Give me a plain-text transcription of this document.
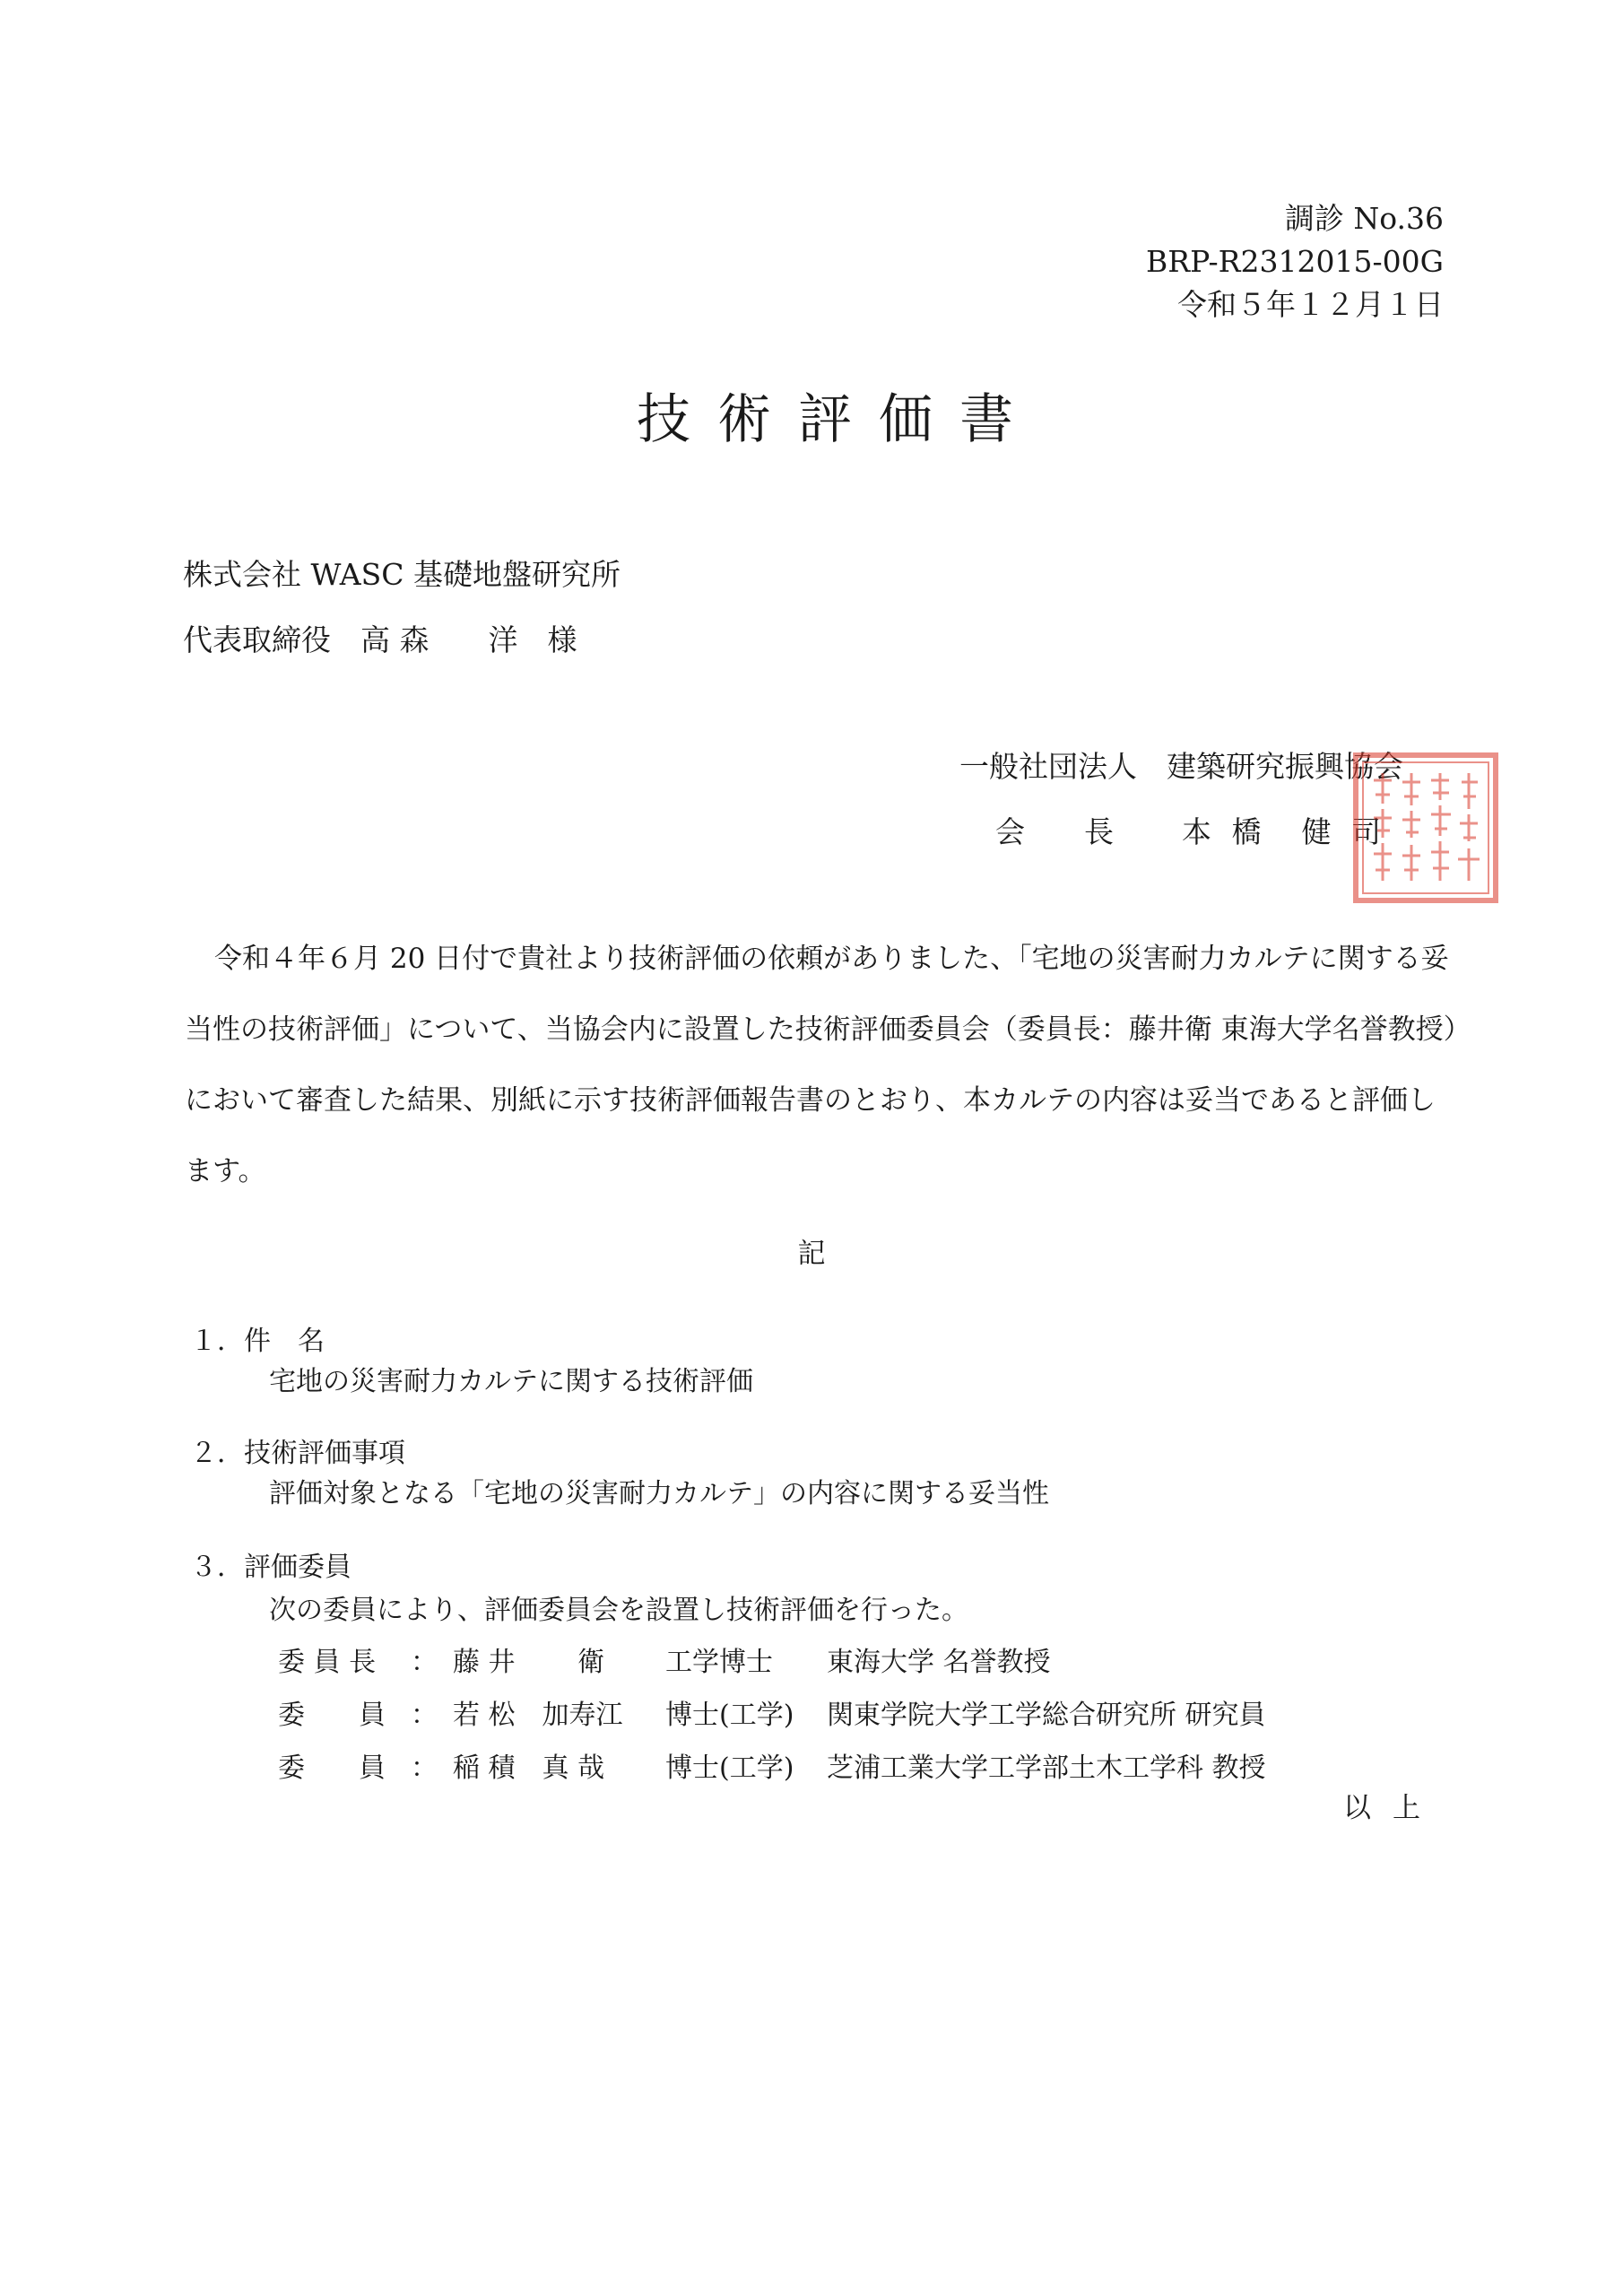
調診 No.36
BRP-R2312015-00G
令和５年１２月１日
技術評価書
株式会社 WASC 基礎地盤研究所
代表取締役　高 森　　洋　様
一般社団法人　建築研究振興協会
会　　長 本 橋　健 司

令和４年６月 20 日付で貴社より技術評価の依頼がありました、「宅地の災害耐力カルテに関する妥当性の技術評価」について、当協会内に設置した技術評価委員会（委員長：藤井衛 東海大学名誉教授）において審査した結果、別紙に示す技術評価報告書のとおり、本カルテの内容は妥当であると評価します。

記
１．件　名
宅地の災害耐力カルテに関する技術評価
２．技術評価事項
評価対象となる「宅地の災害耐力カルテ」の内容に関する妥当性
３．評価委員
次の委員により、評価委員会を設置し技術評価を行った。
委 員 長 ： 藤 井　　 衛 工学博士 東海大学 名誉教授
委　　員 ： 若 松　加寿江 博士(工学) 関東学院大学工学総合研究所 研究員
委　　員 ： 稲 積　真 哉 博士(工学) 芝浦工業大学工学部土木工学科 教授
以上
